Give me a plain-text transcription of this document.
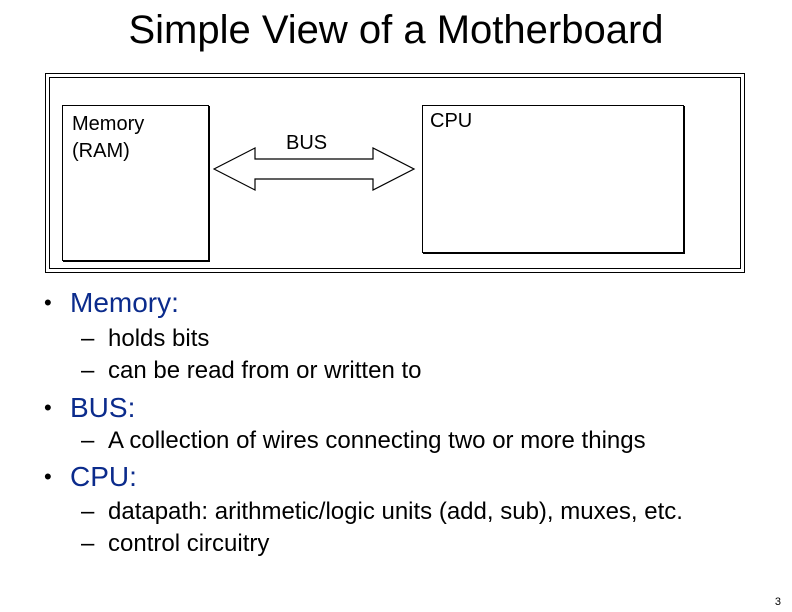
Simple View of a Motherboard
Memory
(RAM)	BUS
CPU
• Memory:
– holds bits
– can be read from or written to
• BUS:
– A collection of wires connecting two or more things
• CPU:
– datapath: arithmetic/logic units (add, sub), muxes, etc.
– control circuitry
3
